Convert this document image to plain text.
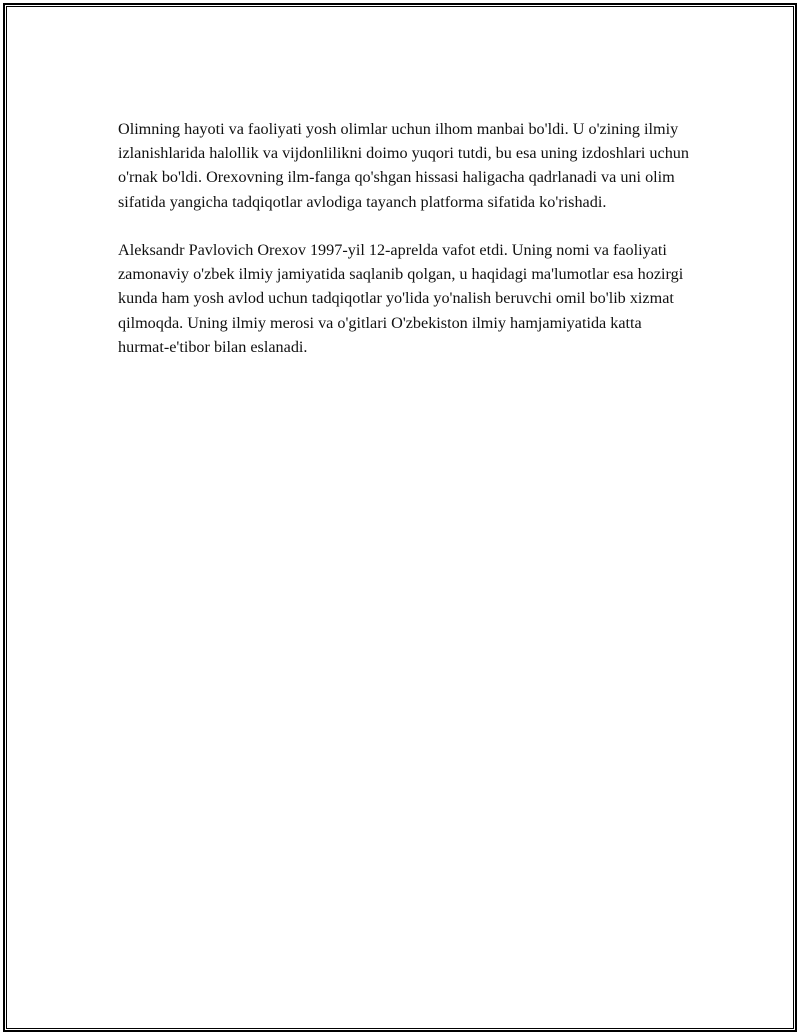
Olimning hayoti va faoliyati yosh olimlar uchun ilhom manbai bo'ldi. U o'zining ilmiy izlanishlarida halollik va vijdonlilikni doimo yuqori tutdi, bu esa uning izdoshlari uchun o'rnak bo'ldi. Orexovning ilm-fanga qo'shgan hissasi haligacha qadrlanadi va uni olim sifatida yangicha tadqiqotlar avlodiga tayanch platforma sifatida ko'rishadi.

Aleksandr Pavlovich Orexov 1997-yil 12-aprelda vafot etdi. Uning nomi va faoliyati zamonaviy o'zbek ilmiy jamiyatida saqlanib qolgan, u haqidagi ma'lumotlar esa hozirgi kunda ham yosh avlod uchun tadqiqotlar yo'lida yo'nalish beruvchi omil bo'lib xizmat qilmoqda. Uning ilmiy merosi va o'gitlari O'zbekiston ilmiy hamjamiyatida katta hurmat-e'tibor bilan eslanadi.
